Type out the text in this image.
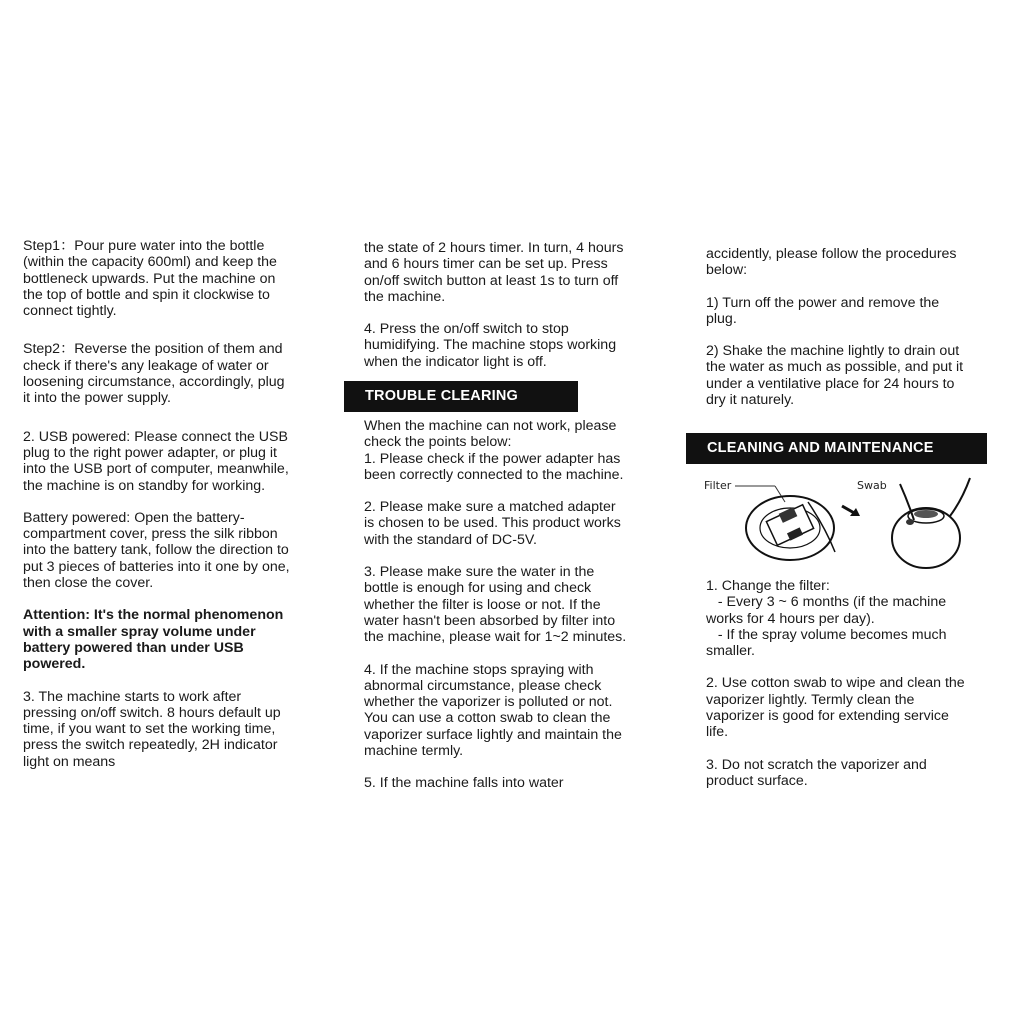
Step1：Pour pure water into the bottle
(within the capacity 600ml) and keep the
bottleneck upwards. Put the machine on
the top of bottle and spin it clockwise to
connect tightly.

Step2：Reverse the position of them and
check if there's any leakage of water or
loosening circumstance, accordingly, plug
it into the power supply.

2. USB powered: Please connect the USB
plug to the right power adapter, or plug it
into the USB port of computer, meanwhile,
the machine is on standby for working.

Battery powered: Open the battery-
compartment cover, press the silk ribbon
into the battery tank, follow the direction to
put 3 pieces of batteries into it one by one,
then close the cover.

Attention: It's the normal phenomenon
with a smaller spray volume under
battery powered than under USB
powered.

3. The machine starts to work after
pressing on/off switch. 8 hours default up
time, if you want to set the working time,
press the switch repeatedly, 2H indicator
light on means

the state of 2 hours timer. In turn, 4 hours
and 6 hours timer can be set up. Press
on/off switch button at least 1s to turn off
the machine.

4. Press the on/off switch to stop
humidifying. The machine stops working
when the indicator light is off.

TROUBLE CLEARING

When the machine can not work, please
check the points below:
1. Please check if the power adapter has
been correctly connected to the machine.

2. Please make sure a matched adapter
is chosen to be used. This product works
with the standard of DC-5V.

3. Please make sure the water in the
bottle is enough for using and check
whether the filter is loose or not. If the
water hasn't been absorbed by filter into
the machine, please wait for 1~2 minutes.

4. If the machine stops spraying with
abnormal circumstance, please check
whether the vaporizer is polluted or not.
You can use a cotton swab to clean the
vaporizer surface lightly and maintain the
machine termly.

5. If the machine falls into water

accidently, please follow the procedures
below:

1) Turn off the power and remove the
plug.

2) Shake the machine lightly to drain out
the water as much as possible, and put it
under a ventilative place for 24 hours to
dry it naturely.

CLEANING AND MAINTENANCE
Filter	Swab

1. Change the filter:
- Every 3 ~ 6 months (if the machine
works for 4 hours per day).
- If the spray volume becomes much
smaller.

2. Use cotton swab to wipe and clean the
vaporizer lightly. Termly clean the
vaporizer is good for extending service
life.

3. Do not scratch the vaporizer and
product surface.
